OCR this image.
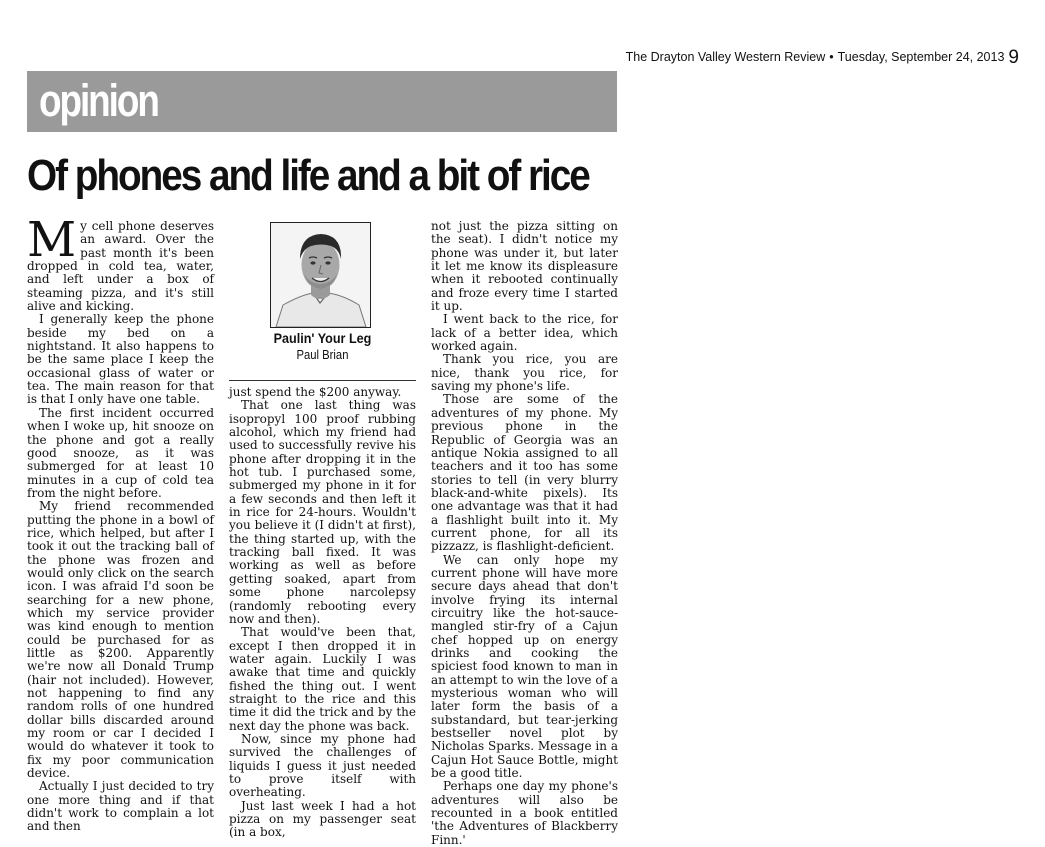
The Drayton Valley Western Review • Tuesday, September 24, 2013 9
opinion
Of phones and life and a bit of rice

My cell phone deserves an award. Over the past month it's been dropped in cold tea, water, and left under a box of steaming pizza, and it's still alive and kicking.

I generally keep the phone beside my bed on a nightstand. It also happens to be the same place I keep the occasional glass of water or tea. The main reason for that is that I only have one table.

The first incident occurred when I woke up, hit snooze on the phone and got a really good snooze, as it was submerged for at least 10 minutes in a cup of cold tea from the night before.

My friend recommended putting the phone in a bowl of rice, which helped, but after I took it out the tracking ball of the phone was frozen and would only click on the search icon. I was afraid I'd soon be searching for a new phone, which my service provider was kind enough to mention could be purchased for as little as $200. Apparently we're now all Donald Trump (hair not included). However, not happening to find any random rolls of one hundred dollar bills discarded around my room or car I decided I would do whatever it took to fix my poor communication device.

Actually I just decided to try one more thing and if that didn't work to complain a lot and then

Paulin' Your Leg
Paul Brian

just spend the $200 anyway.

That one last thing was isopropyl 100 proof rubbing alcohol, which my friend had used to successfully revive his phone after dropping it in the hot tub. I purchased some, submerged my phone in it for a few seconds and then left it in rice for 24-hours. Wouldn't you believe it (I didn't at first), the thing started up, with the tracking ball fixed. It was working as well as before getting soaked, apart from some phone narcolepsy (randomly rebooting every now and then).

That would've been that, except I then dropped it in water again. Luckily I was awake that time and quickly fished the thing out. I went straight to the rice and this time it did the trick and by the next day the phone was back.

Now, since my phone had survived the challenges of liquids I guess it just needed to prove itself with overheating.

Just last week I had a hot pizza on my passenger seat (in a box,

not just the pizza sitting on the seat). I didn't notice my phone was under it, but later it let me know its displeasure when it rebooted continually and froze every time I started it up.

I went back to the rice, for lack of a better idea, which worked again.

Thank you rice, you are nice, thank you rice, for saving my phone's life.

Those are some of the adventures of my phone. My previous phone in the Republic of Georgia was an antique Nokia assigned to all teachers and it too has some stories to tell (in very blurry black-and-white pixels). Its one advantage was that it had a flashlight built into it. My current phone, for all its pizzazz, is flashlight-deficient.

We can only hope my current phone will have more secure days ahead that don't involve frying its internal circuitry like the hot-sauce-mangled stir-fry of a Cajun chef hopped up on energy drinks and cooking the spiciest food known to man in an attempt to win the love of a mysterious woman who will later form the basis of a substandard, but tear-jerking bestseller novel plot by Nicholas Sparks. Message in a Cajun Hot Sauce Bottle, might be a good title.

Perhaps one day my phone's adventures will also be recounted in a book entitled 'the Adventures of Blackberry Finn.'
